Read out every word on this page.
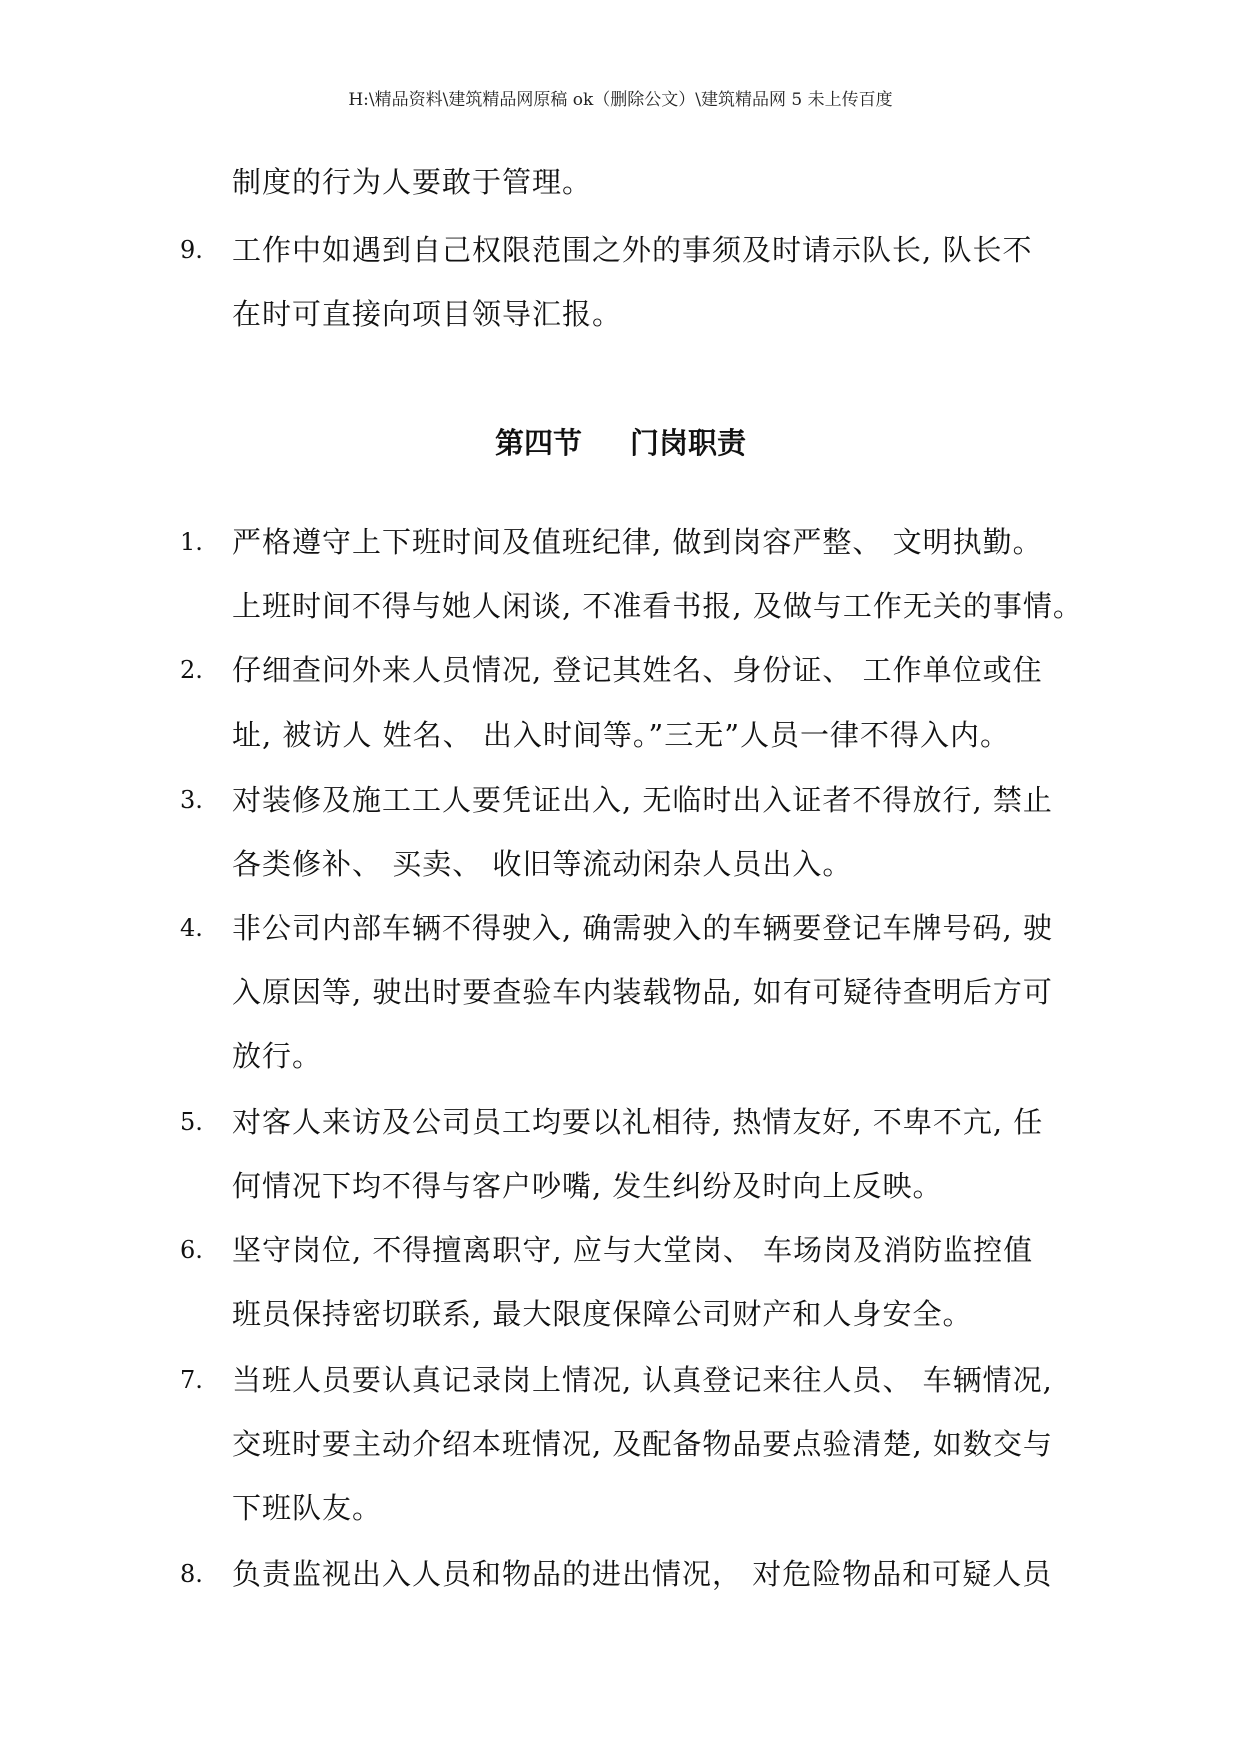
H:\精品资料\建筑精品网原稿 ok（删除公文）\建筑精品网 5 未上传百度
制度的行为人要敢于管理。
9. 工作中如遇到自己权限范围之外的事须及时请示队长, 队长不
在时可直接向项目领导汇报。
第四节 门岗职责
1. 严格遵守上下班时间及值班纪律, 做到岗容严整、 文明执勤。
上班时间不得与她人闲谈, 不准看书报, 及做与工作无关的事情。
2. 仔细查问外来人员情况, 登记其姓名、身份证、 工作单位或住
址, 被访人 姓名、 出入时间等。”三无”人员一律不得入内。
3. 对装修及施工工人要凭证出入, 无临时出入证者不得放行, 禁止
各类修补、 买卖、 收旧等流动闲杂人员出入。
4. 非公司内部车辆不得驶入, 确需驶入的车辆要登记车牌号码, 驶
入原因等, 驶出时要查验车内装载物品, 如有可疑待查明后方可
放行。
5. 对客人来访及公司员工均要以礼相待, 热情友好, 不卑不亢, 任
何情况下均不得与客户吵嘴, 发生纠纷及时向上反映。
6. 坚守岗位, 不得擅离职守, 应与大堂岗、 车场岗及消防监控值
班员保持密切联系, 最大限度保障公司财产和人身安全。
7. 当班人员要认真记录岗上情况, 认真登记来往人员、 车辆情况,
交班时要主动介绍本班情况, 及配备物品要点验清楚, 如数交与
下班队友。
8. 负责监视出入人员和物品的进出情况， 对危险物品和可疑人员
